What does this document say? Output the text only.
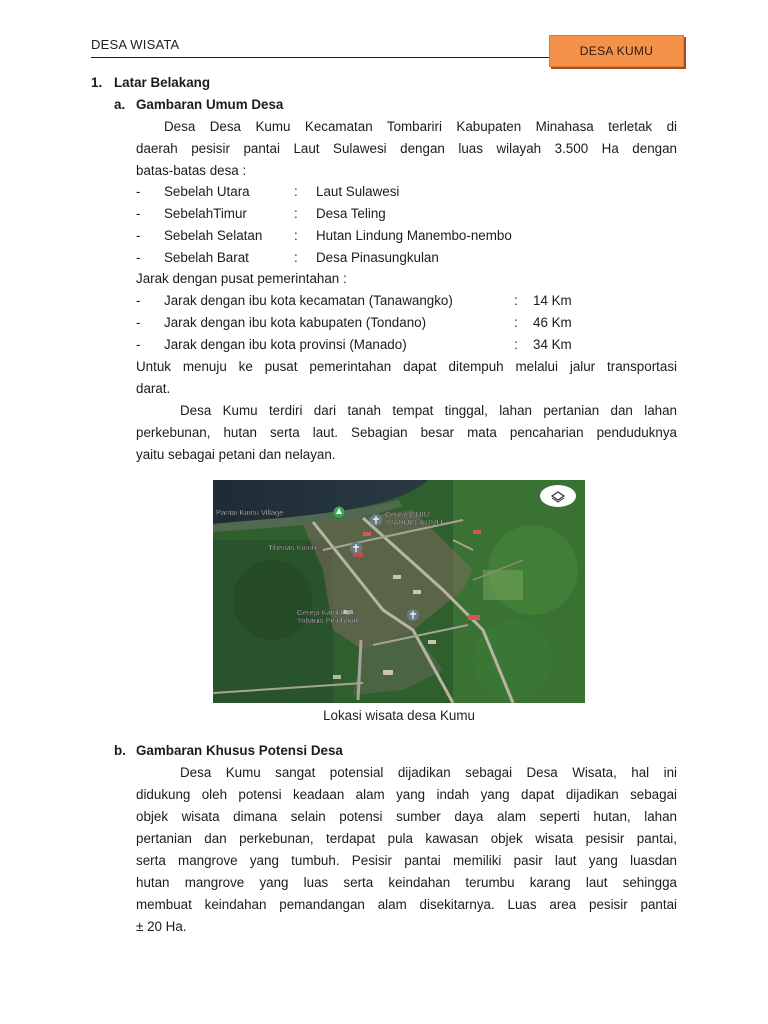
DESA WISATA	DESA KUMU
1. Latar Belakang
a. Gambaran Umum Desa
Desa Desa Kumu Kecamatan Tombariri Kabupaten Minahasa terletak di
daerah pesisir pantai Laut Sulawesi dengan luas wilayah 3.500 Ha dengan
batas-batas desa :
- Sebelah Utara	: Laut Sulawesi
- SebelahTimur	: Desa Teling
- Sebelah Selatan : Hutan Lindung Manembo-nembo
- Sebelah Barat	: Desa Pinasungkulan
Jarak dengan pusat pemerintahan :
- Jarak dengan ibu kota kecamatan (Tanawangko)	: 14 Km
- Jarak dengan ibu kota kabupaten (Tondano)	: 46 Km
- Jarak dengan ibu kota provinsi (Manado)	: 34 Km
Untuk menuju ke pusat pemerintahan dapat ditempuh melalui jalur transportasi
darat.
Desa Kumu terdiri dari tanah tempat tinggal, lahan pertanian dan lahan
perkebunan, hutan serta laut. Sebagian besar mata pencaharian penduduknya
yaitu sebagai petani dan nelayan.
Pantai Kumu Village	Gereja GMIM
IMANUEL KUMU
Tiberias Kumu
Gereja Katolik St.
Yohanis Pembaptis
Lokasi wisata desa Kumu
b. Gambaran Khusus Potensi Desa
Desa Kumu sangat potensial dijadikan sebagai Desa Wisata, hal ini
didukung oleh potensi keadaan alam yang indah yang dapat dijadikan sebagai
objek wisata dimana selain potensi sumber daya alam seperti hutan, lahan
pertanian dan perkebunan, terdapat pula kawasan objek wisata pesisir pantai,
serta mangrove yang tumbuh. Pesisir pantai memiliki pasir laut yang luasdan
hutan mangrove yang luas serta keindahan terumbu karang laut sehingga
membuat keindahan pemandangan alam disekitarnya. Luas area pesisir pantai
± 20 Ha.
